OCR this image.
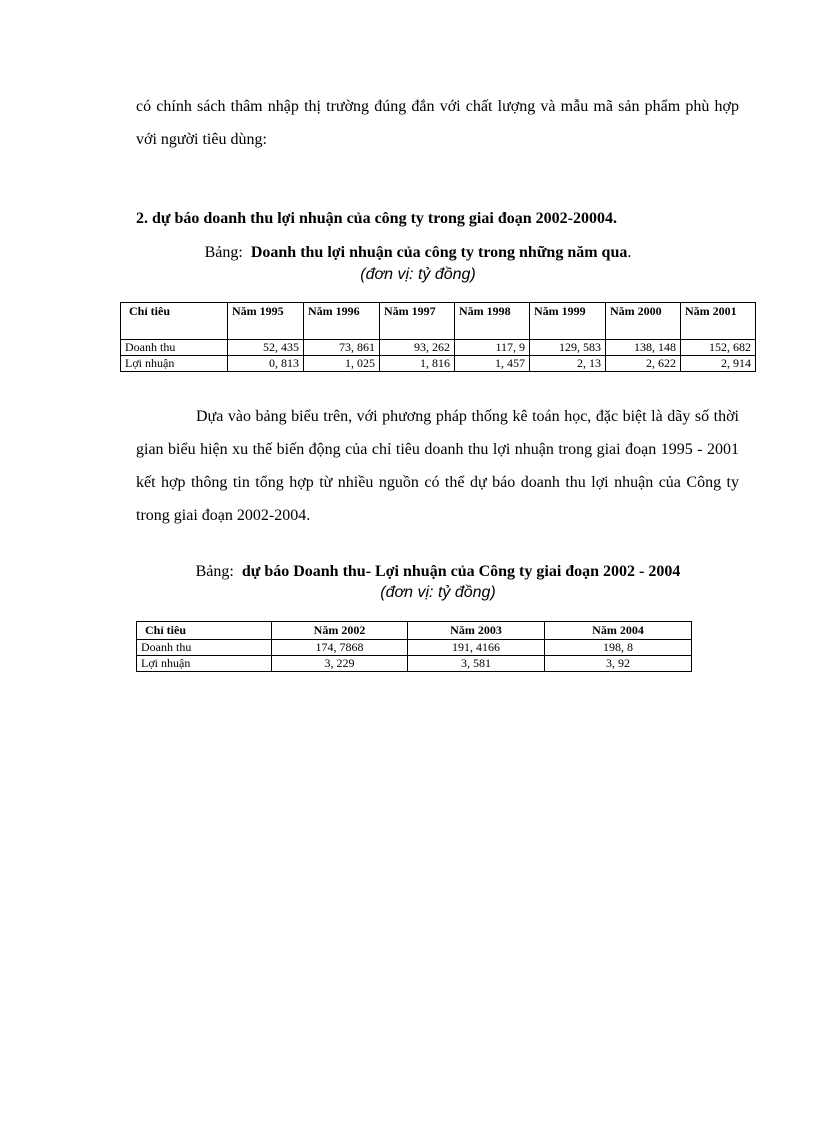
có chính sách thâm nhập thị trường đúng đắn với chất lượng và mẫu mã sản phẩm phù hợp với người tiêu dùng:

2. dự báo doanh thu lợi nhuận của công ty trong giai đoạn 2002-20004.

Bảng: Doanh thu lợi nhuận của công ty trong những năm qua.

(đơn vị: tỷ đồng)

Chỉ tiêu	Năm 1995	Năm 1996	Năm 1997	Năm 1998	Năm 1999	Năm 2000	Năm 2001
Doanh thu	52, 435	73, 861	93, 262	117, 9	129, 583	138, 148	152, 682
Lợi nhuận	0, 813	1, 025	1, 816	1, 457	2, 13	2, 622	2, 914

Dựa vào bảng biểu trên, với phương pháp thống kê toán học, đặc biệt là dãy số thời gian biểu hiện xu thế biến động của chỉ tiêu doanh thu lợi nhuận trong giai đoạn 1995 - 2001 kết hợp thông tin tổng hợp từ nhiều nguồn có thể dự báo doanh thu lợi nhuận của Công ty trong giai đoạn 2002-2004.

Bảng: dự báo Doanh thu- Lợi nhuận của Công ty giai đoạn 2002 - 2004

(đơn vị: tỷ đồng)

Chỉ tiêu	Năm 2002	Năm 2003	Năm 2004
Doanh thu	174, 7868	191, 4166	198, 8
Lợi nhuận	3, 229	3, 581	3, 92
